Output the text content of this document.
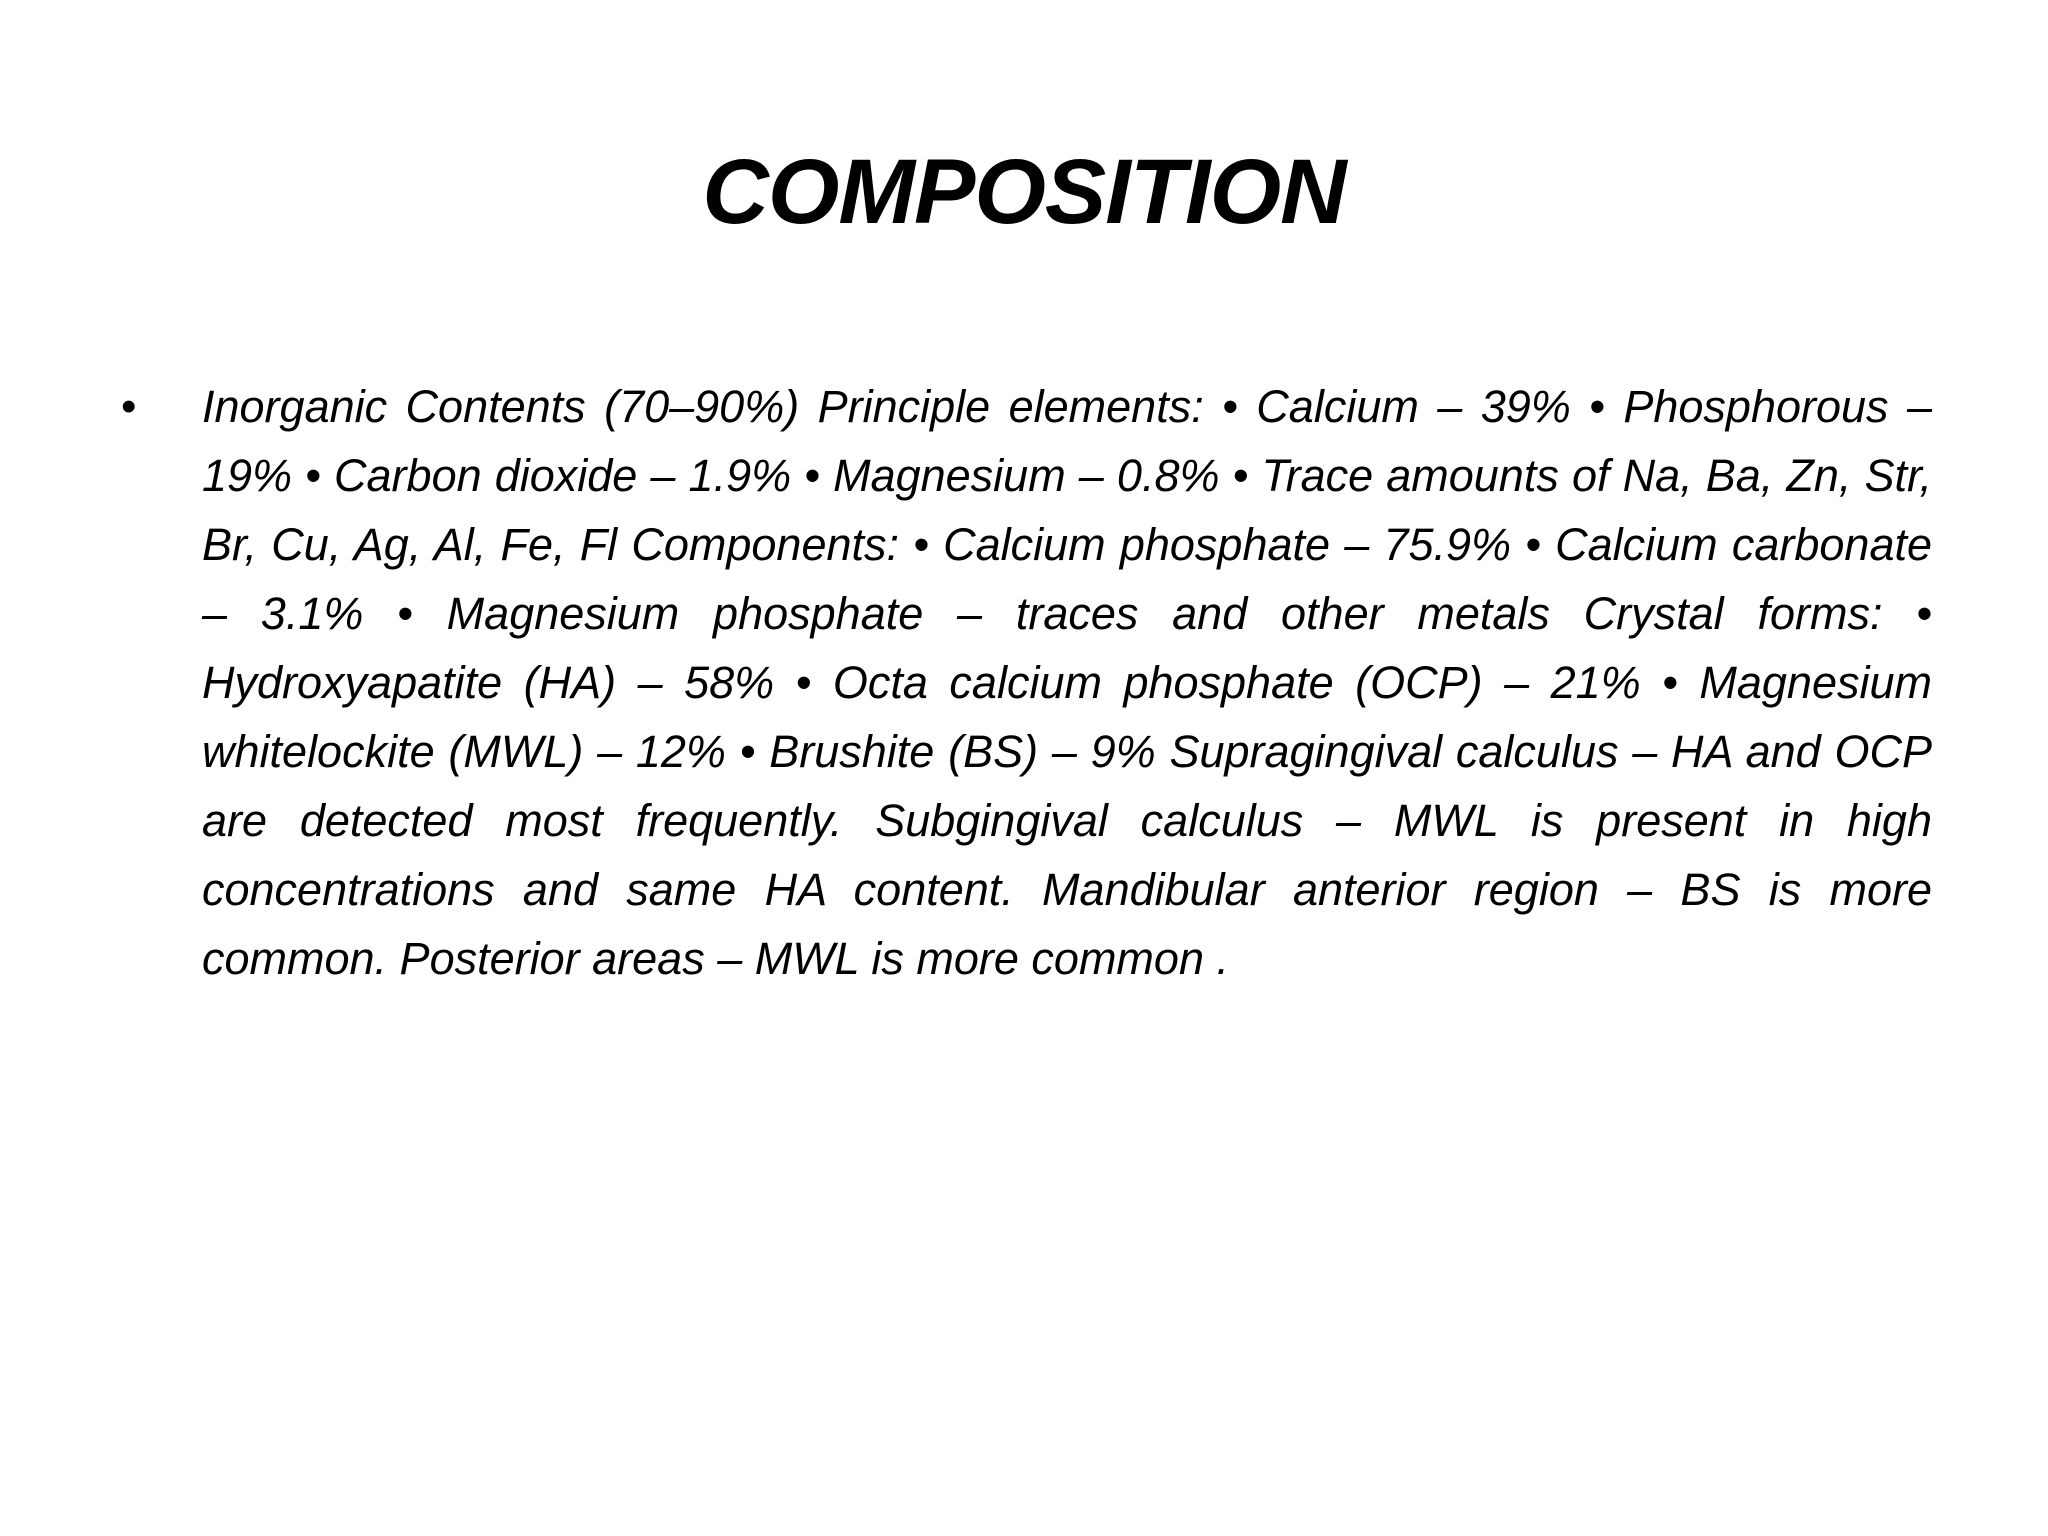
COMPOSITION
• Inorganic Contents (70–90%) Principle elements: • Calcium – 39% • Phosphorous – 19% • Carbon dioxide – 1.9% • Magnesium – 0.8% • Trace amounts of Na, Ba, Zn, Str, Br, Cu, Ag, Al, Fe, Fl Components: • Calcium phosphate – 75.9% • Calcium carbonate – 3.1% • Magnesium phosphate – traces and other metals Crystal forms: • Hydroxyapatite (HA) – 58% • Octa calcium phosphate (OCP) – 21% • Magnesium whitelockite (MWL) – 12% • Brushite (BS) – 9% Supragingival calculus – HA and OCP are detected most frequently. Subgingival calculus – MWL is present in high concentrations and same HA content. Mandibular anterior region – BS is more common. Posterior areas – MWL is more common .
